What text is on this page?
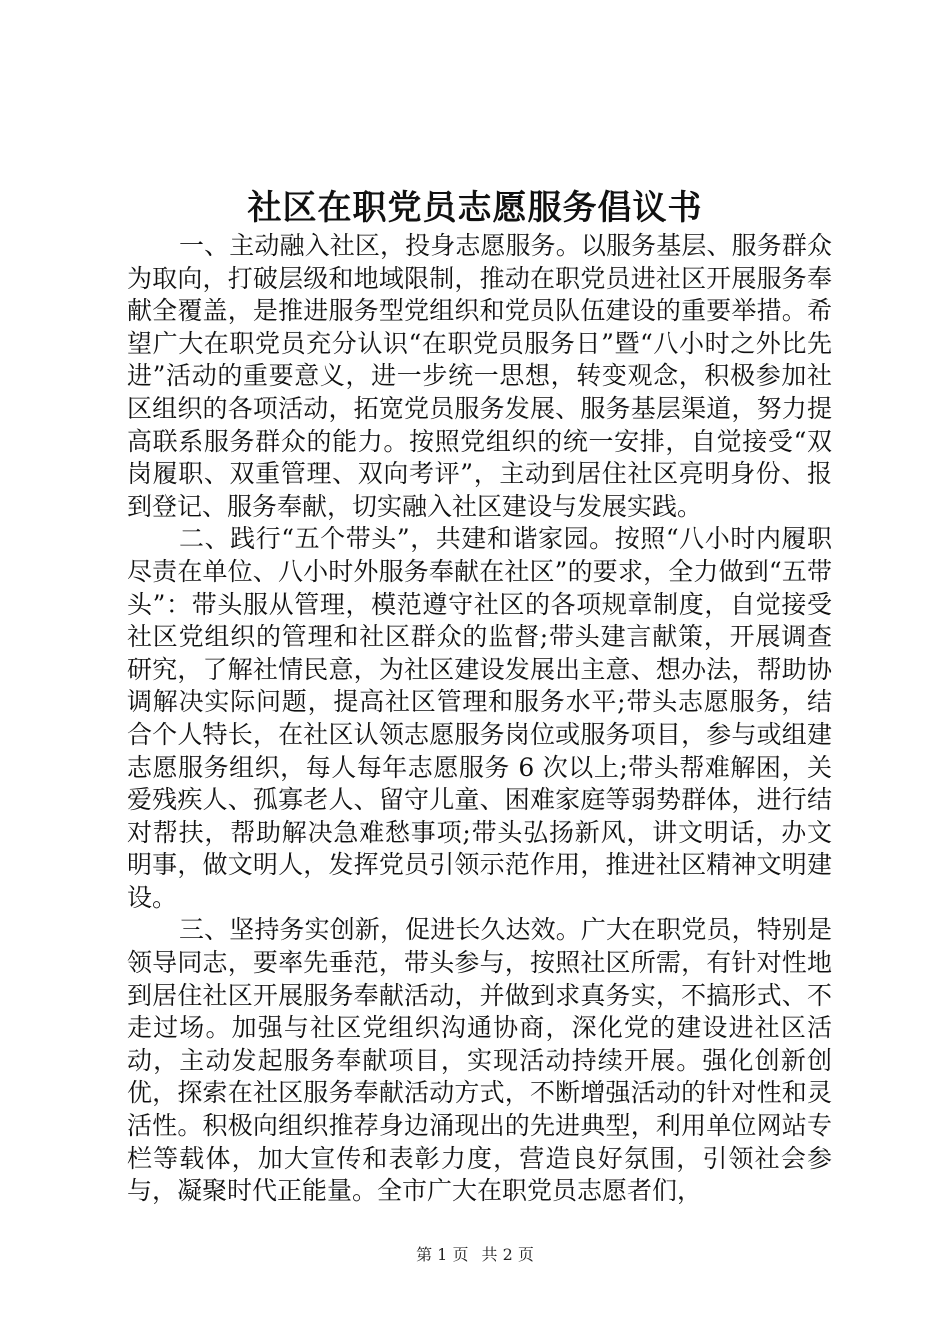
社区在职党员志愿服务倡议书

一、主动融入社区，投身志愿服务。以服务基层、服务群众为取向，打破层级和地域限制，推动在职党员进社区开展服务奉献全覆盖，是推进服务型党组织和党员队伍建设的重要举措。希望广大在职党员充分认识“在职党员服务日”暨“八小时之外比先进”活动的重要意义，进一步统一思想，转变观念，积极参加社区组织的各项活动，拓宽党员服务发展、服务基层渠道，努力提高联系服务群众的能力。按照党组织的统一安排，自觉接受“双岗履职、双重管理、双向考评”，主动到居住社区亮明身份、报到登记、服务奉献，切实融入社区建设与发展实践。

二、践行“五个带头”，共建和谐家园。按照“八小时内履职尽责在单位、八小时外服务奉献在社区”的要求，全力做到“五带头”：带头服从管理，模范遵守社区的各项规章制度，自觉接受社区党组织的管理和社区群众的监督;带头建言献策，开展调查研究，了解社情民意，为社区建设发展出主意、想办法，帮助协调解决实际问题，提高社区管理和服务水平;带头志愿服务，结合个人特长，在社区认领志愿服务岗位或服务项目，参与或组建志愿服务组织，每人每年志愿服务 6 次以上;带头帮难解困，关爱残疾人、孤寡老人、留守儿童、困难家庭等弱势群体，进行结对帮扶，帮助解决急难愁事项;带头弘扬新风，讲文明话，办文明事，做文明人，发挥党员引领示范作用，推进社区精神文明建设。

三、坚持务实创新，促进长久达效。广大在职党员，特别是领导同志，要率先垂范，带头参与，按照社区所需，有针对性地到居住社区开展服务奉献活动，并做到求真务实，不搞形式、不走过场。加强与社区党组织沟通协商，深化党的建设进社区活动，主动发起服务奉献项目，实现活动持续开展。强化创新创优，探索在社区服务奉献活动方式，不断增强活动的针对性和灵活性。积极向组织推荐身边涌现出的先进典型，利用单位网站专栏等载体，加大宣传和表彰力度，营造良好氛围，引领社会参与，凝聚时代正能量。全市广大在职党员志愿者们，

第 1 页 共 2 页
